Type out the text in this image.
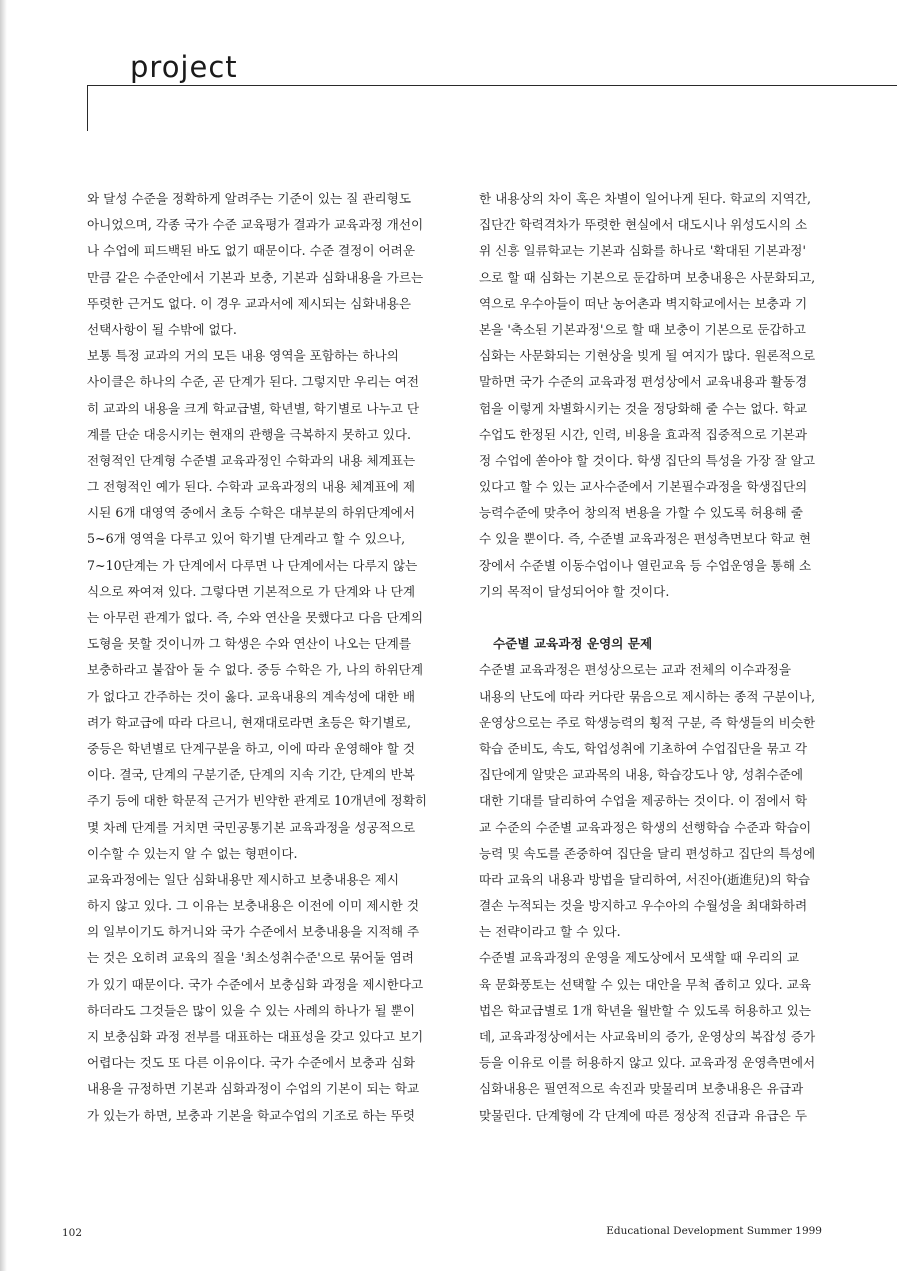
project
와 달성 수준을 정확하게 알려주는 기준이 있는 질 관리형도
아니었으며, 각종 국가 수준 교육평가 결과가 교육과정 개선이
나 수업에 피드백된 바도 없기 때문이다. 수준 결정이 어려운
만큼 같은 수준안에서 기본과 보충, 기본과 심화내용을 가르는
뚜렷한 근거도 없다. 이 경우 교과서에 제시되는 심화내용은
선택사항이 될 수밖에 없다.
보통 특정 교과의 거의 모든 내용 영역을 포함하는 하나의
사이클은 하나의 수준, 곧 단계가 된다. 그렇지만 우리는 여전
히 교과의 내용을 크게 학교급별, 학년별, 학기별로 나누고 단
계를 단순 대응시키는 현재의 관행을 극복하지 못하고 있다.
전형적인 단계형 수준별 교육과정인 수학과의 내용 체계표는
그 전형적인 예가 된다. 수학과 교육과정의 내용 체계표에 제
시된 6개 대영역 중에서 초등 수학은 대부분의 하위단계에서
5~6개 영역을 다루고 있어 학기별 단계라고 할 수 있으나,
7~10단계는 가 단계에서 다루면 나 단계에서는 다루지 않는
식으로 짜여져 있다. 그렇다면 기본적으로 가 단계와 나 단계
는 아무런 관계가 없다. 즉, 수와 연산을 못했다고 다음 단계의
도형을 못할 것이니까 그 학생은 수와 연산이 나오는 단계를
보충하라고 붙잡아 둘 수 없다. 중등 수학은 가, 나의 하위단계
가 없다고 간주하는 것이 옳다. 교육내용의 계속성에 대한 배
려가 학교급에 따라 다르니, 현재대로라면 초등은 학기별로,
중등은 학년별로 단계구분을 하고, 이에 따라 운영해야 할 것
이다. 결국, 단계의 구분기준, 단계의 지속 기간, 단계의 반복
주기 등에 대한 학문적 근거가 빈약한 관계로 10개년에 정확히
몇 차례 단계를 거치면 국민공통기본 교육과정을 성공적으로
이수할 수 있는지 알 수 없는 형편이다.
교육과정에는 일단 심화내용만 제시하고 보충내용은 제시
하지 않고 있다. 그 이유는 보충내용은 이전에 이미 제시한 것
의 일부이기도 하거니와 국가 수준에서 보충내용을 지적해 주
는 것은 오히려 교육의 질을 '최소성취수준'으로 묶어둘 염려
가 있기 때문이다. 국가 수준에서 보충심화 과정을 제시한다고
하더라도 그것들은 많이 있을 수 있는 사례의 하나가 될 뿐이
지 보충심화 과정 전부를 대표하는 대표성을 갖고 있다고 보기
어렵다는 것도 또 다른 이유이다. 국가 수준에서 보충과 심화
내용을 규정하면 기본과 심화과정이 수업의 기본이 되는 학교
가 있는가 하면, 보충과 기본을 학교수업의 기조로 하는 뚜렷
한 내용상의 차이 혹은 차별이 일어나게 된다. 학교의 지역간,
집단간 학력격차가 뚜렷한 현실에서 대도시나 위성도시의 소
위 신흥 일류학교는 기본과 심화를 하나로 '확대된 기본과정'
으로 할 때 심화는 기본으로 둔갑하며 보충내용은 사문화되고,
역으로 우수아들이 떠난 농어촌과 벽지학교에서는 보충과 기
본을 '축소된 기본과정'으로 할 때 보충이 기본으로 둔갑하고
심화는 사문화되는 기현상을 빚게 될 여지가 많다. 원론적으로
말하면 국가 수준의 교육과정 편성상에서 교육내용과 활동경
험을 이렇게 차별화시키는 것을 정당화해 줄 수는 없다. 학교
수업도 한정된 시간, 인력, 비용을 효과적 집중적으로 기본과
정 수업에 쏟아야 할 것이다. 학생 집단의 특성을 가장 잘 알고
있다고 할 수 있는 교사수준에서 기본필수과정을 학생집단의
능력수준에 맞추어 창의적 변용을 가할 수 있도록 허용해 줄
수 있을 뿐이다. 즉, 수준별 교육과정은 편성측면보다 학교 현
장에서 수준별 이동수업이나 열린교육 등 수업운영을 통해 소
기의 목적이 달성되어야 할 것이다.
수준별 교육과정 운영의 문제
수준별 교육과정은 편성상으로는 교과 전체의 이수과정을
내용의 난도에 따라 커다란 묶음으로 제시하는 종적 구분이나,
운영상으로는 주로 학생능력의 횡적 구분, 즉 학생들의 비슷한
학습 준비도, 속도, 학업성취에 기초하여 수업집단을 묶고 각
집단에게 알맞은 교과목의 내용, 학습강도나 양, 성취수준에
대한 기대를 달리하여 수업을 제공하는 것이다. 이 점에서 학
교 수준의 수준별 교육과정은 학생의 선행학습 수준과 학습이
능력 및 속도를 존중하여 집단을 달리 편성하고 집단의 특성에
따라 교육의 내용과 방법을 달리하여, 서진아(逝進兒)의 학습
결손 누적되는 것을 방지하고 우수아의 수월성을 최대화하려
는 전략이라고 할 수 있다.
수준별 교육과정의 운영을 제도상에서 모색할 때 우리의 교
육 문화풍토는 선택할 수 있는 대안을 무척 좁히고 있다. 교육
법은 학교급별로 1개 학년을 월반할 수 있도록 허용하고 있는
데, 교육과정상에서는 사교육비의 증가, 운영상의 복잡성 증가
등을 이유로 이를 허용하지 않고 있다. 교육과정 운영측면에서
심화내용은 필연적으로 속진과 맞물리며 보충내용은 유급과
맞물린다. 단계형에 각 단계에 따른 정상적 진급과 유급은 두

102	Educational Development Summer 1999
